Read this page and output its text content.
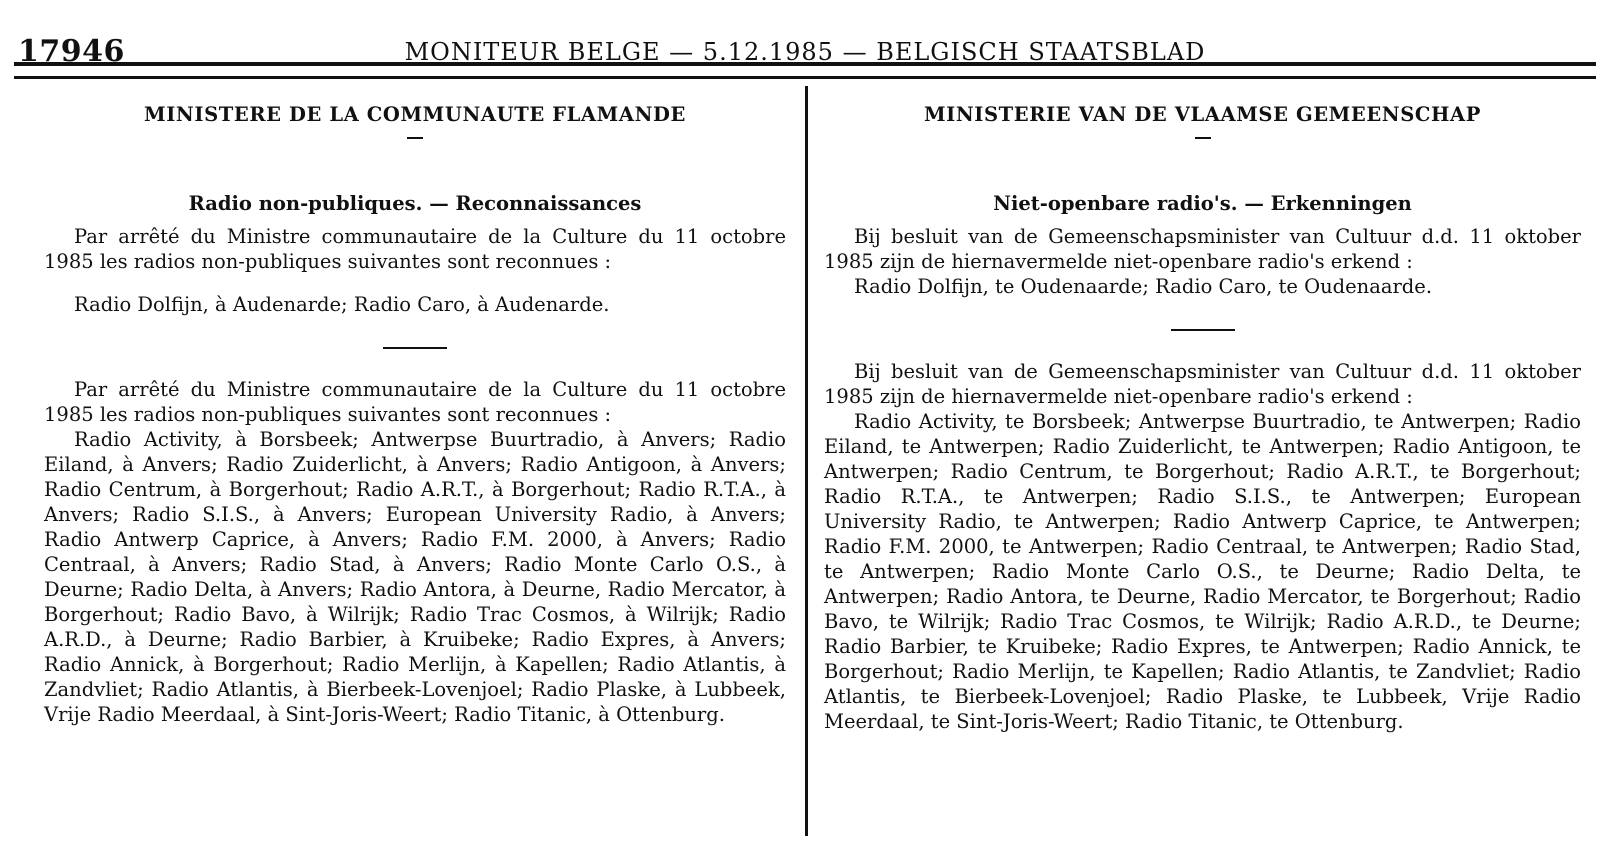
17946	MONITEUR BELGE — 5.12.1985 — BELGISCH STAATSBLAD
MINISTERE DE LA COMMUNAUTE FLAMANDE
Radio non-publiques. — Reconnaissances

Par arrêté du Ministre communautaire de la Culture du 11 octobre 1985 les radios non-publiques suivantes sont reconnues :

Radio Dolfijn, à Audenarde; Radio Caro, à Audenarde.

Par arrêté du Ministre communautaire de la Culture du 11 octobre 1985 les radios non-publiques suivantes sont reconnues :

Radio Activity, à Borsbeek; Antwerpse Buurtradio, à Anvers; Radio Eiland, à Anvers; Radio Zuiderlicht, à Anvers; Radio Antigoon, à Anvers; Radio Centrum, à Borgerhout; Radio A.R.T., à Borgerhout; Radio R.T.A., à Anvers; Radio S.I.S., à Anvers; European University Radio, à Anvers; Radio Antwerp Caprice, à Anvers; Radio F.M. 2000, à Anvers; Radio Centraal, à Anvers; Radio Stad, à Anvers; Radio Monte Carlo O.S., à Deurne; Radio Delta, à Anvers; Radio Antora, à Deurne, Radio Mercator, à Borgerhout; Radio Bavo, à Wilrijk; Radio Trac Cosmos, à Wilrijk; Radio A.R.D., à Deurne; Radio Barbier, à Kruibeke; Radio Expres, à Anvers; Radio Annick, à Borgerhout; Radio Merlijn, à Kapellen; Radio Atlantis, à Zandvliet; Radio Atlantis, à Bierbeek-Lovenjoel; Radio Plaske, à Lubbeek, Vrije Radio Meerdaal, à Sint-Joris-Weert; Radio Titanic, à Ottenburg.

MINISTERIE VAN DE VLAAMSE GEMEENSCHAP
Niet-openbare radio's. — Erkenningen

Bij besluit van de Gemeenschapsminister van Cultuur d.d. 11 oktober 1985 zijn de hiernavermelde niet-openbare radio's erkend :

Radio Dolfijn, te Oudenaarde; Radio Caro, te Oudenaarde.

Bij besluit van de Gemeenschapsminister van Cultuur d.d. 11 oktober 1985 zijn de hiernavermelde niet-openbare radio's erkend :

Radio Activity, te Borsbeek; Antwerpse Buurtradio, te Antwerpen; Radio Eiland, te Antwerpen; Radio Zuiderlicht, te Antwerpen; Radio Antigoon, te Antwerpen; Radio Centrum, te Borgerhout; Radio A.R.T., te Borgerhout; Radio R.T.A., te Antwerpen; Radio S.I.S., te Antwerpen; European University Radio, te Antwerpen; Radio Antwerp Caprice, te Antwerpen; Radio F.M. 2000, te Antwerpen; Radio Centraal, te Antwerpen; Radio Stad, te Antwerpen; Radio Monte Carlo O.S., te Deurne; Radio Delta, te Antwerpen; Radio Antora, te Deurne, Radio Mercator, te Borgerhout; Radio Bavo, te Wilrijk; Radio Trac Cosmos, te Wilrijk; Radio A.R.D., te Deurne; Radio Barbier, te Kruibeke; Radio Expres, te Antwerpen; Radio Annick, te Borgerhout; Radio Merlijn, te Kapellen; Radio Atlantis, te Zandvliet; Radio Atlantis, te Bierbeek-Lovenjoel; Radio Plaske, te Lubbeek, Vrije Radio Meerdaal, te Sint-Joris-Weert; Radio Titanic, te Ottenburg.
